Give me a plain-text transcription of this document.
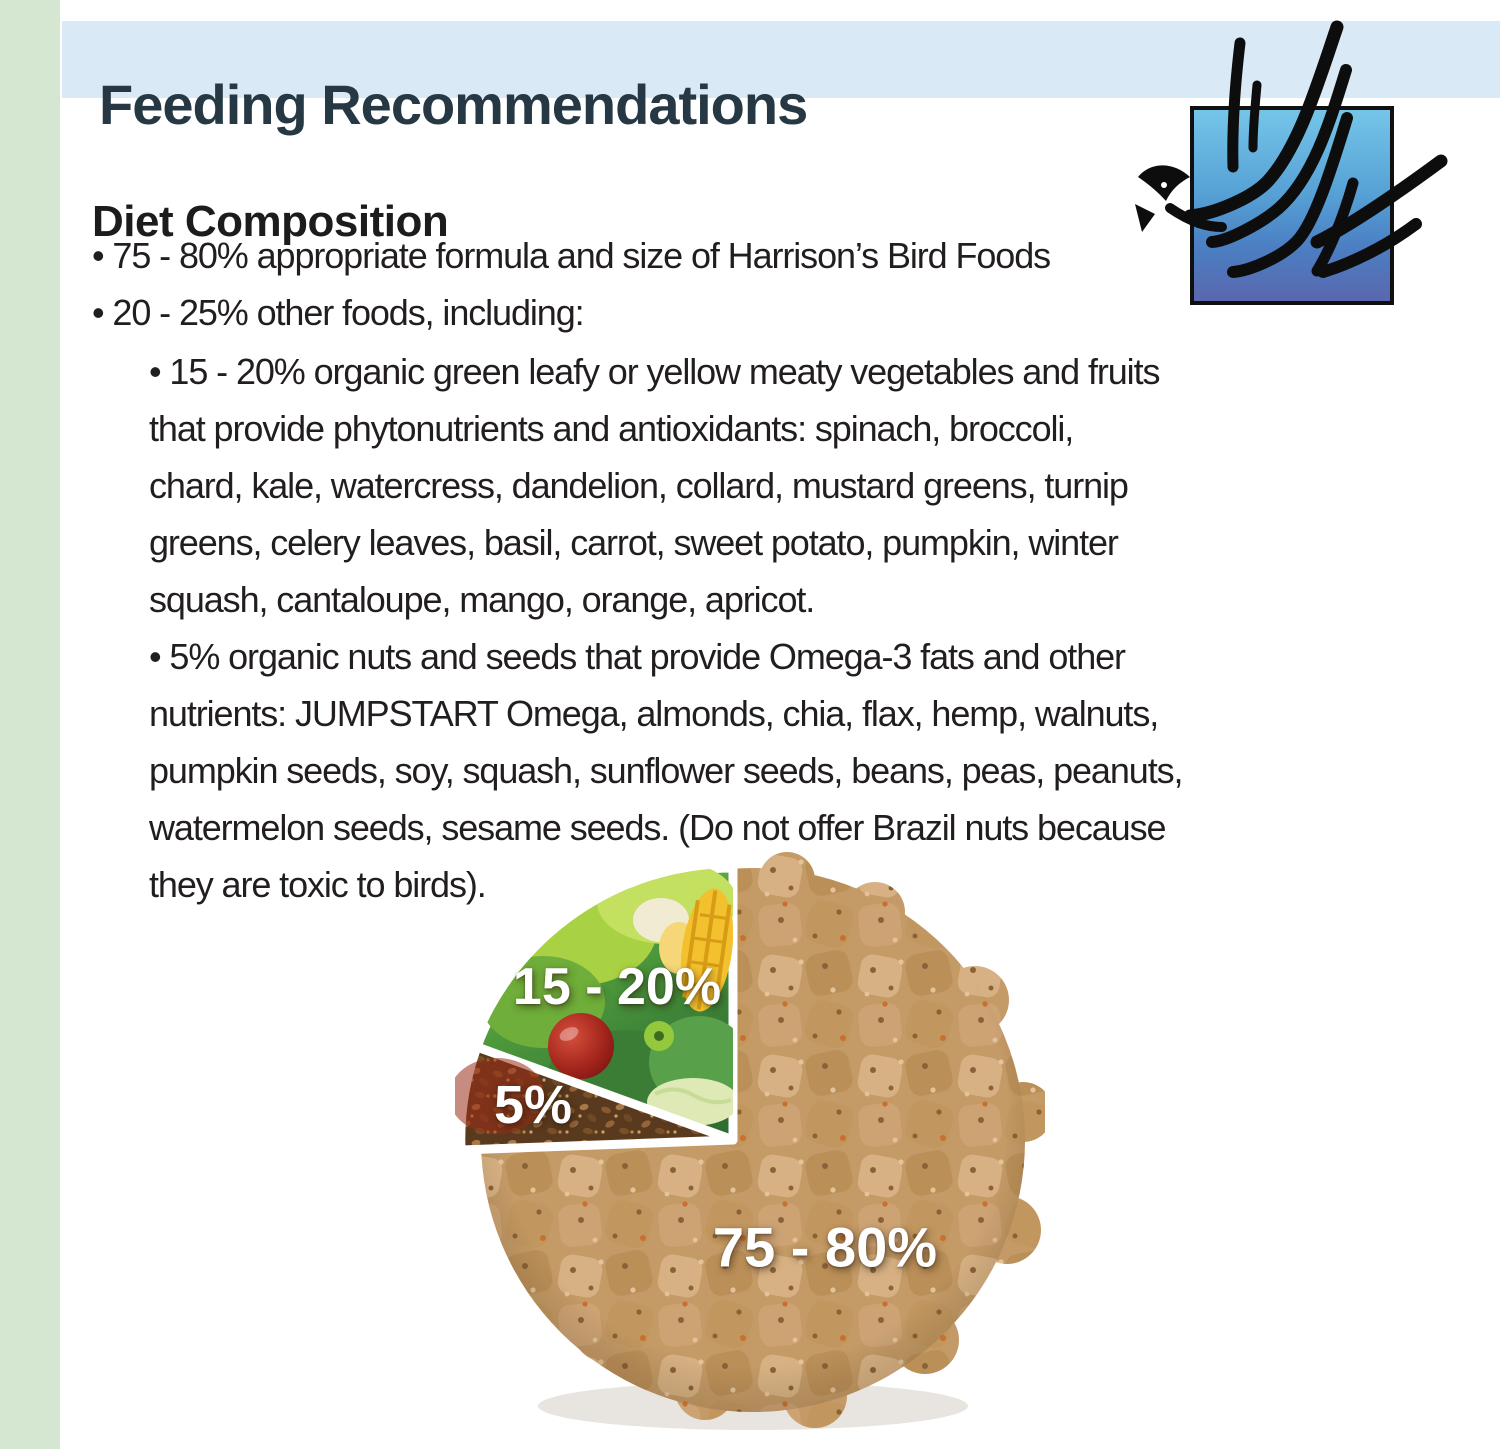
Feeding Recommendations
Diet Composition
• 75 - 80% appropriate formula and size of Harrison’s Bird Foods
• 20 - 25% other foods, including:
• 15 - 20% organic green leafy or yellow meaty vegetables and fruits
that provide phytonutrients and antioxidants: spinach, broccoli,
chard, kale, watercress, dandelion, collard, mustard greens, turnip
greens, celery leaves, basil, carrot, sweet potato, pumpkin, winter
squash, cantaloupe, mango, orange, apricot.
• 5% organic nuts and seeds that provide Omega-3 fats and other
nutrients: JUMPSTART Omega, almonds, chia, flax, hemp, walnuts,
pumpkin seeds, soy, squash, sunflower seeds, beans, peas, peanuts,
watermelon seeds, sesame seeds. (Do not offer Brazil nuts because
they are toxic to birds).
15 - 20%
5%
75 - 80%
